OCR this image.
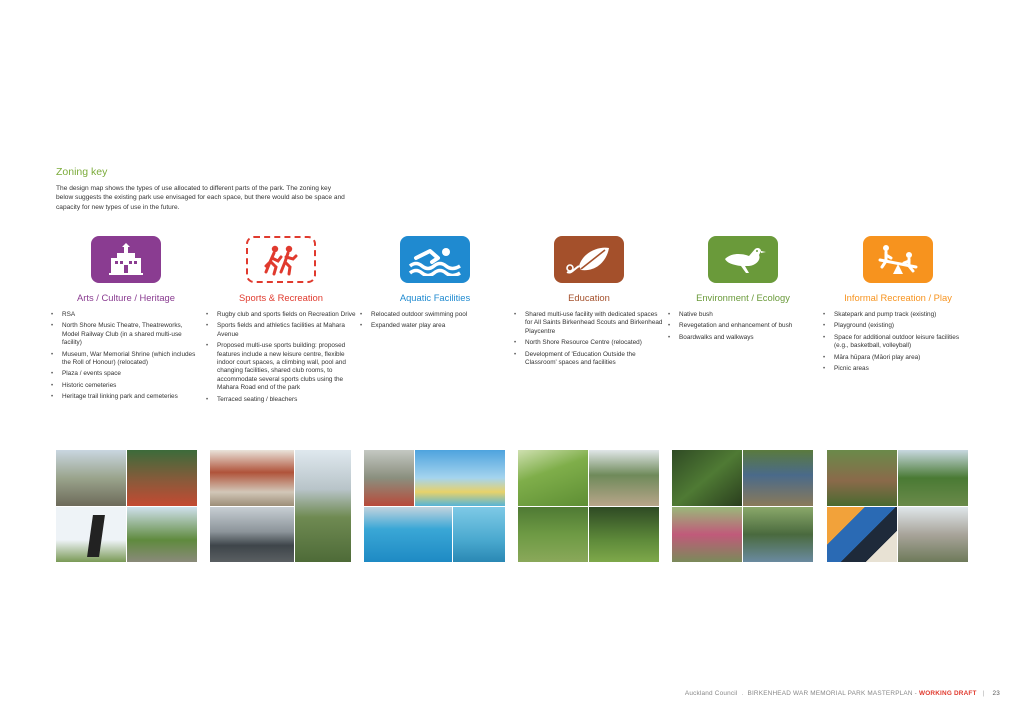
Zoning key

The design map shows the types of use allocated to different parts of the park. The zoning key below suggests the existing park use envisaged for each space, but there would also be space and capacity for new types of use in the future.

Arts / Culture / Heritage
• RSA
• North Shore Music Theatre, Theatreworks, Model Railway Club (in a shared multi-use facility)
• Museum, War Memorial Shrine (which includes the Roll of Honour) (relocated)
• Plaza / events space
• Historic cemeteries
• Heritage trail linking park and cemeteries
Sports & Recreation
• Rugby club and sports fields on Recreation Drive
• Sports fields and athletics facilities at Mahara Avenue
• Proposed multi-use sports building: proposed features include a new leisure centre, flexible indoor court spaces, a climbing wall, pool and changing facilities, shared club rooms, to accommodate several sports clubs using the Mahara Road end of the park
• Terraced seating / bleachers
Aquatic Facilities
• Relocated outdoor swimming pool
• Expanded water play area
Education
• Shared multi-use facility with dedicated spaces for All Saints Birkenhead Scouts and Birkenhead Playcentre
• North Shore Resource Centre (relocated)
• Development of 'Education Outside the Classroom' spaces and facilities
Environment / Ecology
• Native bush
• Revegetation and enhancement of bush
• Boardwalks and walkways
Informal Recreation / Play
• Skatepark and pump track (existing)
• Playground (existing)
• Space for additional outdoor leisure facilities (e.g., basketball, volleyball)
• Māra hūpara (Māori play area)
• Picnic areas
Auckland Council . BIRKENHEAD WAR MEMORIAL PARK MASTERPLAN - WORKING DRAFT | 23
